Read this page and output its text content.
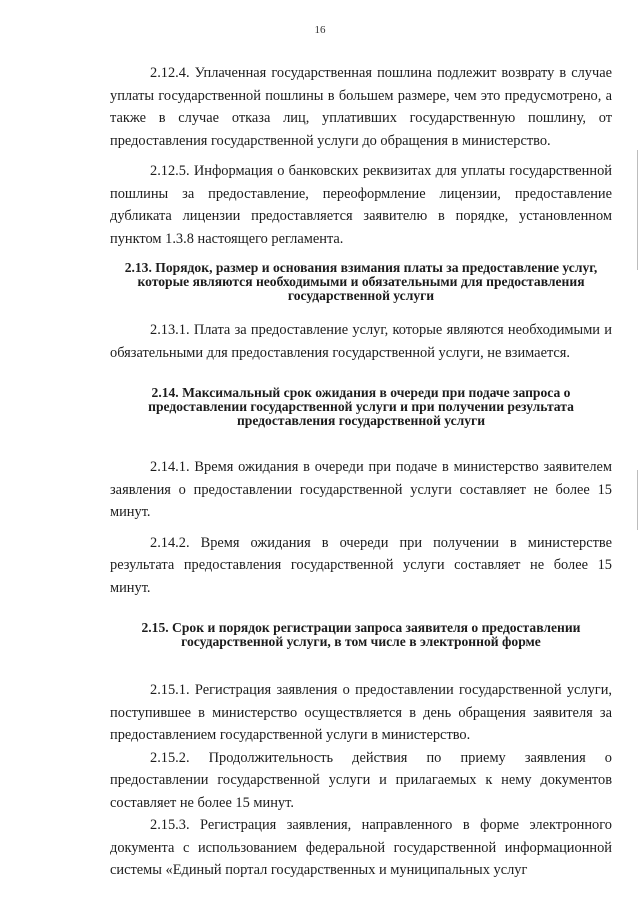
16

2.12.4. Уплаченная государственная пошлина подлежит возврату в случае уплаты государственной пошлины в большем размере, чем это предусмотрено, а также в случае отказа лиц, уплативших государственную пошлину, от предоставления государственной услуги до обращения в министерство.

2.12.5. Информация о банковских реквизитах для уплаты государственной пошлины за предоставление, переоформление лицензии, предоставление дубликата лицензии предоставляется заявителю в порядке, установленном пунктом 1.3.8 настоящего регламента.

2.13. Порядок, размер и основания взимания платы за предоставление услуг, которые являются необходимыми и обязательными для предоставления государственной услуги

2.13.1. Плата за предоставление услуг, которые являются необходимыми и обязательными для предоставления государственной услуги, не взимается.

2.14. Максимальный срок ожидания в очереди при подаче запроса о предоставлении государственной услуги и при получении результата предоставления государственной услуги

2.14.1. Время ожидания в очереди при подаче в министерство заявителем заявления о предоставлении государственной услуги составляет не более 15 минут.

2.14.2. Время ожидания в очереди при получении в министерстве результата предоставления государственной услуги составляет не более 15 минут.

2.15. Срок и порядок регистрации запроса заявителя о предоставлении государственной услуги, в том числе в электронной форме

2.15.1. Регистрация заявления о предоставлении государственной услуги, поступившее в министерство осуществляется в день обращения заявителя за предоставлением государственной услуги в министерство.

2.15.2. Продолжительность действия по приему заявления о предоставлении государственной услуги и прилагаемых к нему документов составляет не более 15 минут.

2.15.3. Регистрация заявления, направленного в форме электронного документа с использованием федеральной государственной информационной системы «Единый портал государственных и муниципальных услуг
